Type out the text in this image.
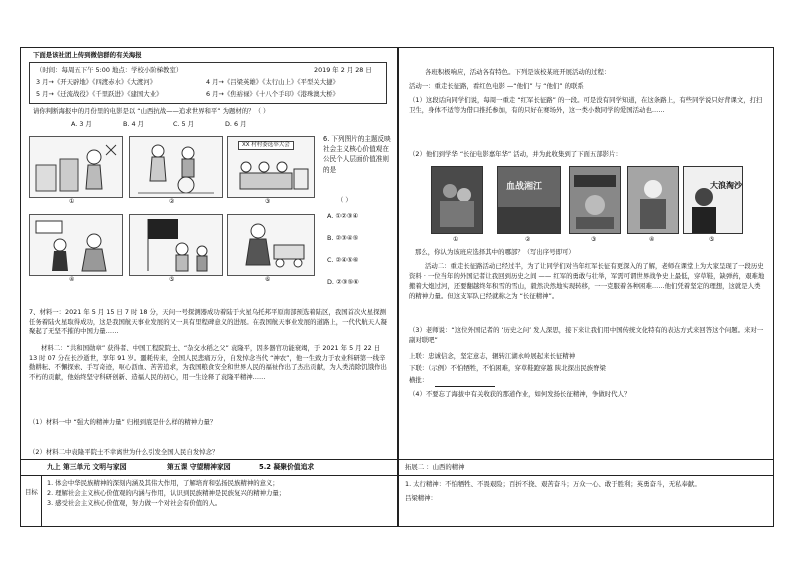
下面是该社团上传到微信群的有关海报
（时间：每周五下午 5:00 地点：学校小阶梯教室）	2019 年 2 月 28 日
3 月→《开天辟地》《四渡赤水》《大渡河》	4 月→《吕梁英雄》《太行山上》《平型关大捷》
5 月→《迁流战役》《千里跃进》《建国大业》	6 月→《焦裕禄》《十八个手印》《港珠澳大桥》
请你判断海报中的月份里的电影是以 “山西抗战——追求世界和平” 为题材的？（ ）
A. 3 月	B. 4 月	C. 5 月	D. 6 月
①	②
XX 村村委选举大会
③
④	⑤	⑥
6. 下列图片的主题反映社会主义核心价值观在公民个人层面价值准则的是
（ ）
A. ①②③④
B. ②③④⑤
C. ②④⑤⑥
D. ②③⑤⑥
7、材料一：2021 年 5 月 15 日 7 时 18 分，天问一号探测器成功着陆于火星乌托邦平原南部预选着陆区，我国首次火星探测任务着陆火星取得成功，这是我国航天事业发展的又一具有里程碑意义的进展。在我国航天事业发展的道路上，一代代航天人凝聚起了无坚不摧的中国力量……
材料二：“共和国勋章” 获得者、中国工程院院士、“杂交水稻之父” 袁隆平，因多器官功能衰竭，于 2021 年 5 月 22 日 13 时 07 分在长沙逝世，享年 91 岁。噩耗传来，全国人民悲痛万分，自发悼念当代 “神农”，他一生致力于农业科研第一线辛勤耕耘、不懈探索、手写奇迹，呕心沥血、苦苦追求，为我国粮食安全和世界人民的福祉作出了杰出贡献，为人类消除饥饿作出不朽的贡献，他始终坚守科研创新、造福人民的初心，用一生诠释了袁隆平精神……
（1）材料一中 “强大的精神力量” 归根到底是什么样的精神力量？
（2）材料二中袁隆平院士不幸离世为什么引发全国人民自发悼念？
九上 第三单元 文明与家园	第五课 守望精神家园	5.2 凝聚价值追求
目标
1. 体会中华民族精神的深刻内涵及其伟大作用，了解培育和弘扬民族精神的意义；
2. 理解社会主义核心价值观的内涵与作用，认识到民族精神是民族复兴的精神力量；
3. 感受社会主义核心价值观，努力做一个对社会有价值的人。
各班积极响应，活动各有特色。下列是该校某班开展活动的过程：
活动一：重走长征路，看红色电影 —“他们” 与 “他们” 的联系
（1）这段话向同学们说，每周一重走 “红军长征路” 的一段。可是没有同学知道，在这条路上，有些同学说只好背课文，打扫卫生，身体不适等为借口推托参加，有的只好在赛场外，这一类小数同学的爱国活动也……
（2）他们到学华 “长征电影嘉年华” 活动，并为此收集到了下面五部影片：
血战湘江	大浪淘沙
①	②	③	④	⑤
那么，你认为该班应选择其中的哪部？（写出序号即可）
活动二：重走长征路活动已经过半，为了让同学们对当年红军长征有更深入的了解，老师在课堂上为大家呈现了一段历史资料 · 一位当年的外国记者让我回到历史之间 —— 红军的勇敢与壮举，军需可谓世界战争史上最低，穿草鞋，缺弹药，艰难地搬着大炮过河，还要翻越终年积雪的雪山，毅然决然地实现转移，一一克服着各种困难……他们凭着坚定的理想，这就是人类的精神力量。但这支军队已经就称之为 “长征精神”。
（3）老师说：“这位外国记者的 ‘历史之问’ 发人深思，接下来让我们用中国传统文化特有的表达方式来回答这个问题。来对一副对联吧”
上联：忠诚信念，坚定意志，辗转江湖永岭展起来长征精神
下联：（示例）不怕牺牲，不怕困难，穿草鞋跑穿越 陕北探出民族脊梁
横批：
（4）不要忘了海拔中有关收获的那道作业，如何发扬长征精神，争做时代人？
拓展二 ：山西的精神
1. 太行精神：不怕牺牲、不畏艰险；百折不挠、艰苦奋斗；万众一心、敢于胜利；英勇奋斗，无私奉献。
吕梁精神：
